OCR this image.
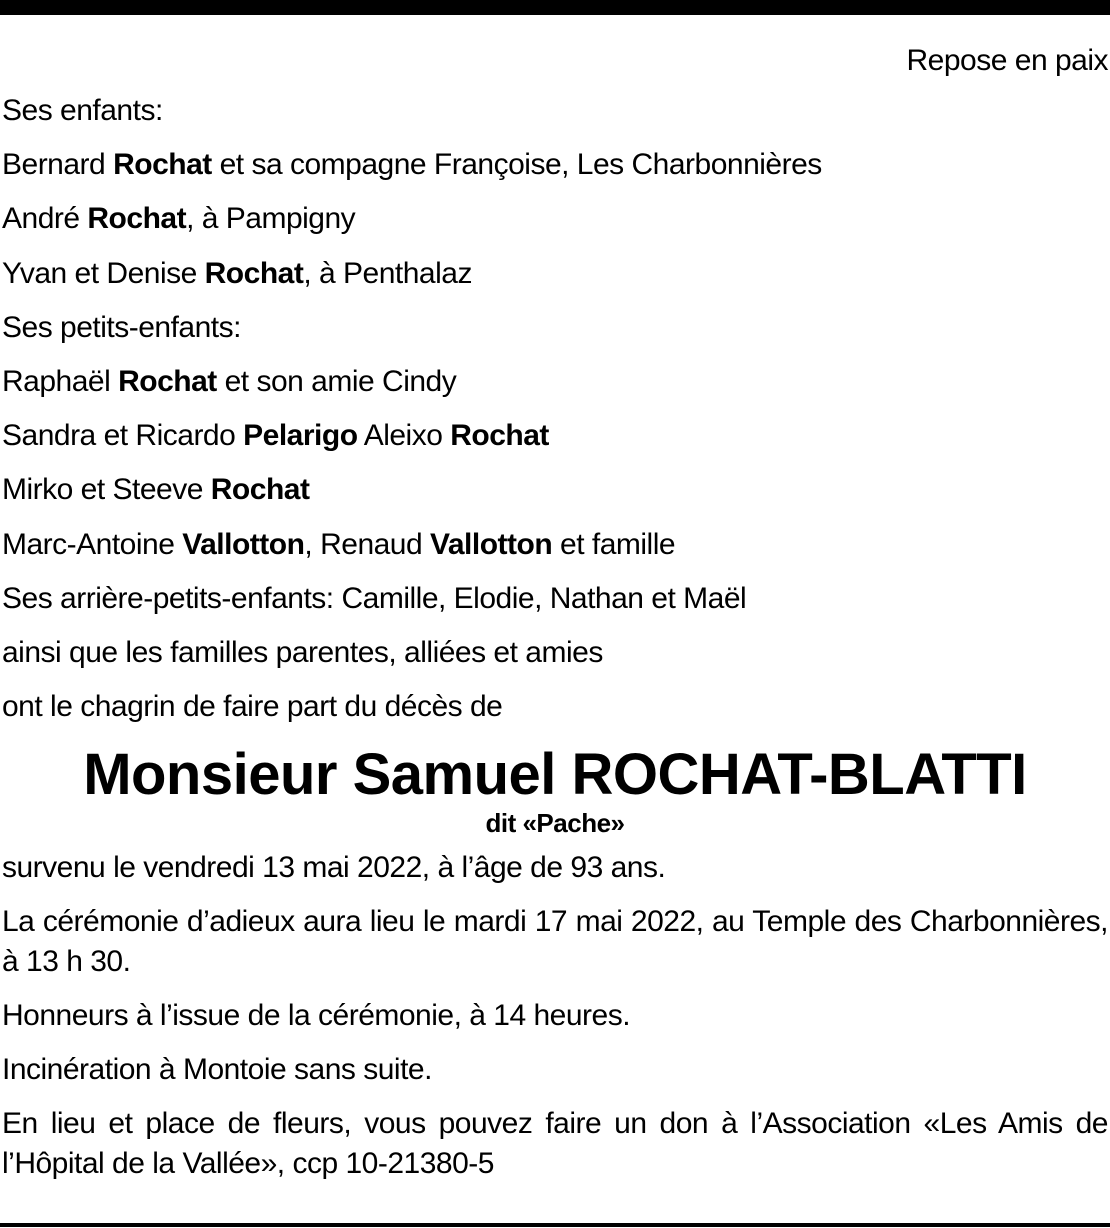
Repose en paix
Ses enfants:
Bernard Rochat et sa compagne Françoise, Les Charbonnières
André Rochat, à Pampigny
Yvan et Denise Rochat, à Penthalaz
Ses petits-enfants:
Raphaël Rochat et son amie Cindy
Sandra et Ricardo Pelarigo Aleixo Rochat
Mirko et Steeve Rochat
Marc-Antoine Vallotton, Renaud Vallotton et famille
Ses arrière-petits-enfants: Camille, Elodie, Nathan et Maël
ainsi que les familles parentes, alliées et amies
ont le chagrin de faire part du décès de
Monsieur Samuel ROCHAT-BLATTI
dit «Pache»

survenu le vendredi 13 mai 2022, à l’âge de 93 ans.

La cérémonie d’adieux aura lieu le mardi 17 mai 2022, au Temple des Charbonnières, à 13 h 30.

Honneurs à l’issue de la cérémonie, à 14 heures.

Incinération à Montoie sans suite.

En lieu et place de fleurs, vous pouvez faire un don à l’Association «Les Amis de l’Hôpital de la Vallée», ccp 10-21380-5
